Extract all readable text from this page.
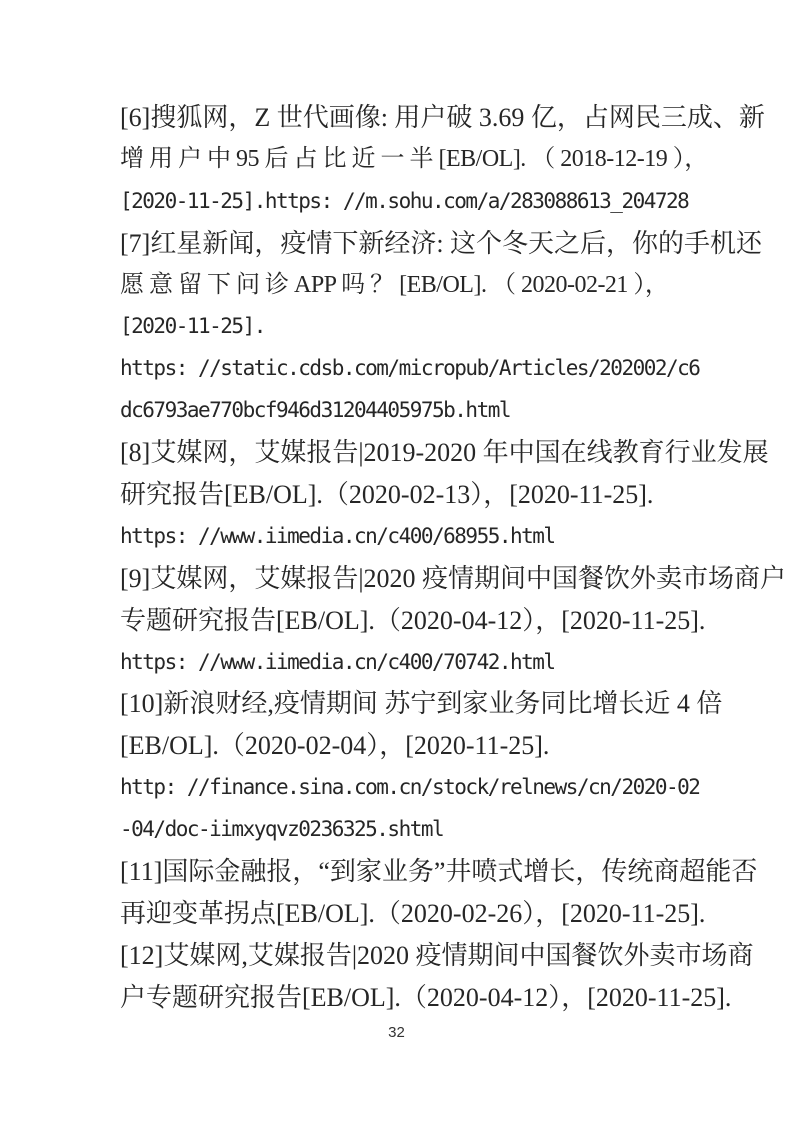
[6]搜狐网，Z 世代画像: 用户破 3.69 亿，占网民三成、新
增 用 户 中 95 后 占 比 近 一 半 [EB/OL]. （ 2018-12-19 ），
[2020-11-25].https: //m.sohu.com/a/283088613_204728
[7]红星新闻，疫情下新经济: 这个冬天之后，你的手机还
愿 意 留 下 问 诊 APP 吗 ？ [EB/OL]. （ 2020-02-21 ），
[2020-11-25].
https: //static.cdsb.com/micropub/Articles/202002/c6
dc6793ae770bcf946d31204405975b.html
[8]艾媒网，艾媒报告|2019-2020 年中国在线教育行业发展
研究报告[EB/OL].（2020-02-13），[2020-11-25].
https: //www.iimedia.cn/c400/68955.html
[9]艾媒网，艾媒报告|2020 疫情期间中国餐饮外卖市场商户
专题研究报告[EB/OL].（2020-04-12），[2020-11-25].
https: //www.iimedia.cn/c400/70742.html
[10]新浪财经,疫情期间 苏宁到家业务同比增长近 4 倍
[EB/OL].（2020-02-04），[2020-11-25].
http: //finance.sina.com.cn/stock/relnews/cn/2020-02
-04/doc-iimxyqvz0236325.shtml
[11]国际金融报，“到家业务”井喷式增长，传统商超能否
再迎变革拐点[EB/OL].（2020-02-26），[2020-11-25].
[12]艾媒网,艾媒报告|2020 疫情期间中国餐饮外卖市场商
户专题研究报告[EB/OL].（2020-04-12），[2020-11-25].
32
